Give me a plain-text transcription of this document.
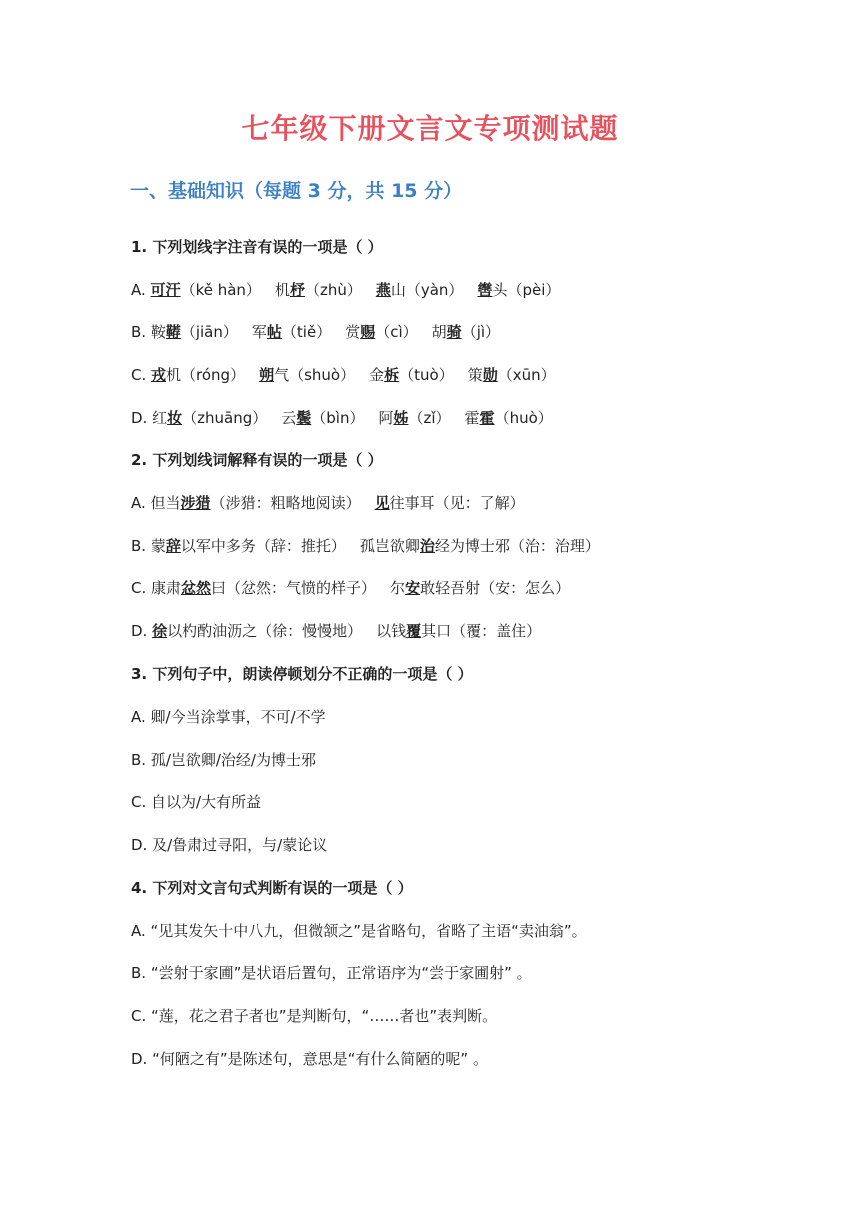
七年级下册文言文专项测试题
一、基础知识（每题 3 分，共 15 分）
1. 下列划线字注音有误的一项是（ ）
A. 可汗（kě hàn） 机杼（zhù） 燕山（yàn） 辔头（pèi）
B. 鞍鞯（jiān） 军帖（tiě） 赏赐（cì） 胡骑（jì）
C. 戎机（róng） 朔气（shuò） 金柝（tuò） 策勋（xūn）
D. 红妆（zhuāng） 云鬓（bìn） 阿姊（zǐ） 霍霍（huò）
2. 下列划线词解释有误的一项是（ ）
A. 但当涉猎（涉猎：粗略地阅读） 见往事耳（见：了解）
B. 蒙辞以军中多务（辞：推托） 孤岂欲卿治经为博士邪（治：治理）
C. 康肃忿然曰（忿然：气愤的样子） 尔安敢轻吾射（安：怎么）
D. 徐以杓酌油沥之（徐：慢慢地） 以钱覆其口（覆：盖住）
3. 下列句子中，朗读停顿划分不正确的一项是（ ）
A. 卿/今当涂掌事，不可/不学
B. 孤/岂欲卿/治经/为博士邪
C. 自以为/大有所益
D. 及/鲁肃过寻阳，与/蒙论议
4. 下列对文言句式判断有误的一项是（ ）
A. “见其发矢十中八九，但微颔之”是省略句，省略了主语“卖油翁”。
B. “尝射于家圃”是状语后置句，正常语序为“尝于家圃射” 。
C. “莲，花之君子者也”是判断句，“……者也”表判断。
D. “何陋之有”是陈述句，意思是“有什么简陋的呢” 。
